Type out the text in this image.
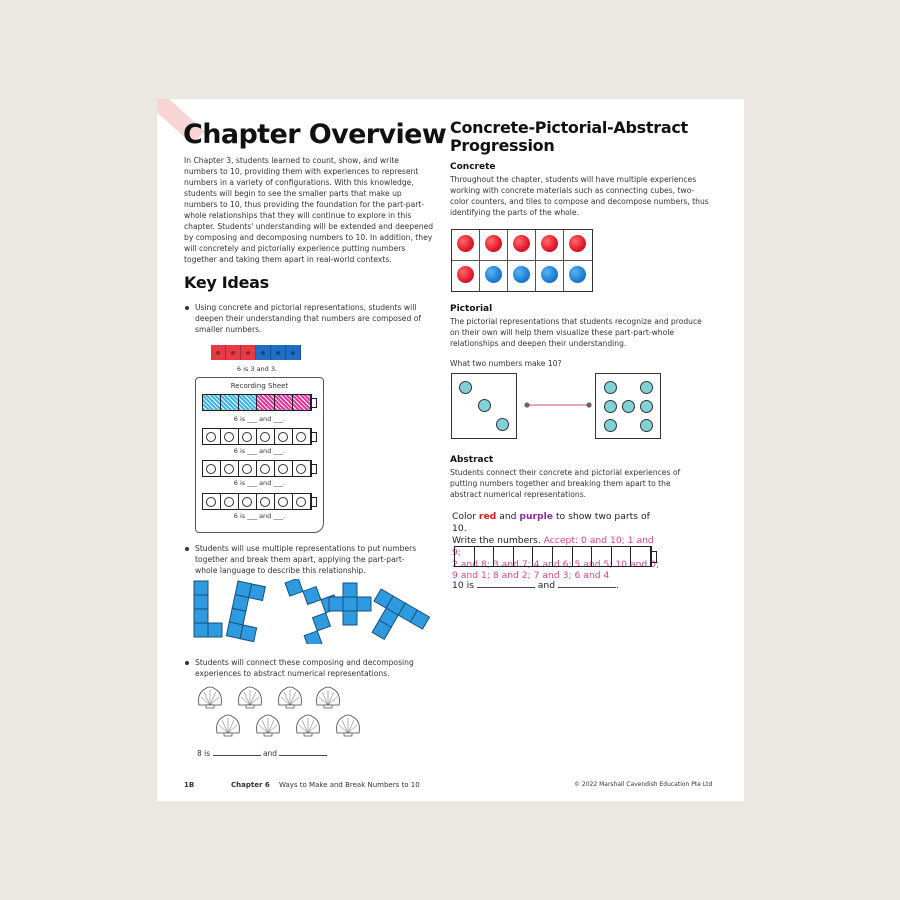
Chapter Overview
In Chapter 3, students learned to count, show, and write numbers to 10, providing them with experiences to represent numbers in a variety of configurations. With this knowledge, students will begin to see the smaller parts that make up numbers to 10, thus providing the foundation for the part-part-whole relationships that they will continue to explore in this chapter. Students' understanding will be extended and deepened by composing and decomposing numbers to 10. In addition, they will concretely and pictorially experience putting numbers together and taking them apart in real-world contexts.
Key Ideas
Using concrete and pictorial representations, students will deepen their understanding that numbers are composed of smaller numbers.
6 is 3 and 3.
Recording Sheet
6 is ___ and ___.
6 is ___ and ___.
6 is ___ and ___.
6 is ___ and ___.
Students will use multiple representations to put numbers together and break them apart, applying the part-part-whole language to describe this relationship.
Students will connect these composing and decomposing experiences to abstract numerical representations.
8 is	and
Concrete-Pictorial-Abstract Progression
Concrete
Throughout the chapter, students will have multiple experiences working with concrete materials such as connecting cubes, two-color counters, and tiles to compose and decompose numbers, thus identifying the parts of the whole.
Pictorial
The pictorial representations that students recognize and produce on their own will help them visualize these part-part-whole relationships and deepen their understanding.
What two numbers make 10?
Abstract
Students connect their concrete and pictorial experiences of putting numbers together and breaking them apart to the abstract numerical representations.
Color red and purple to show two parts of 10.
Write the numbers. Accept: 0 and 10; 1 and 9;
2 and 8; 3 and 7; 4 and 6; 5 and 5; 10 and 0;
9 and 1; 8 and 2; 7 and 3; 6 and 4
10 is	and	.
1B	Chapter 6 Ways to Make and Break Numbers to 10	© 2022 Marshall Cavendish Education Pte Ltd
